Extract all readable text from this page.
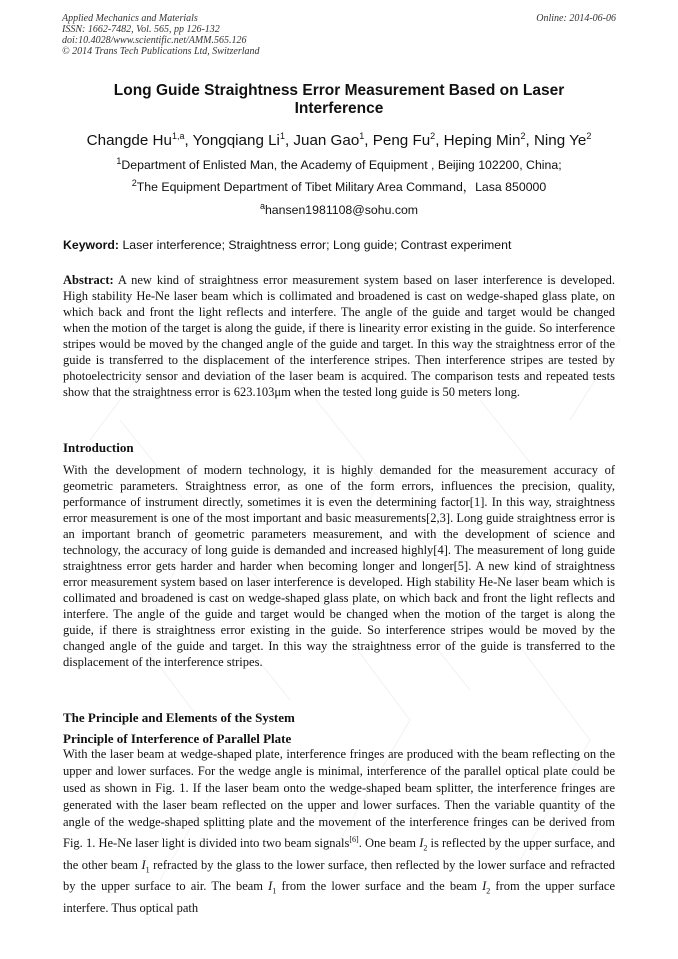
Applied Mechanics and Materials
ISSN: 1662-7482, Vol. 565, pp 126-132
doi:10.4028/www.scientific.net/AMM.565.126
© 2014 Trans Tech Publications Ltd, Switzerland
Online: 2014-06-06
Long Guide Straightness Error Measurement Based on Laser Interference
Changde Hu$^{1,a}$, Yongqiang Li$^1$, Juan Gao$^1$, Peng Fu$^2$, Heping Min$^2$, Ning Ye$^2$
$^1$Department of Enlisted Man, the Academy of Equipment , Beijing 102200, China;
$^2$The Equipment Department of Tibet Military Area Command，Lasa 850000
$^a$hansen1981108@sohu.com
Keyword: Laser interference; Straightness error; Long guide; Contrast experiment
Abstract: A new kind of straightness error measurement system based on laser interference is developed. High stability He-Ne laser beam which is collimated and broadened is cast on wedge-shaped glass plate, on which back and front the light reflects and interfere. The angle of the guide and target would be changed when the motion of the target is along the guide, if there is linearity error existing in the guide. So interference stripes would be moved by the changed angle of the guide and target. In this way the straightness error of the guide is transferred to the displacement of the interference stripes. Then interference stripes are tested by photoelectricity sensor and deviation of the laser beam is acquired. The comparison tests and repeated tests show that the straightness error is 623.103μm when the tested long guide is 50 meters long.
Introduction
With the development of modern technology, it is highly demanded for the measurement accuracy of geometric parameters. Straightness error, as one of the form errors, influences the precision, quality, performance of instrument directly, sometimes it is even the determining factor[1]. In this way, straightness error measurement is one of the most important and basic measurements[2,3]. Long guide straightness error is an important branch of geometric parameters measurement, and with the development of science and technology, the accuracy of long guide is demanded and increased highly[4]. The measurement of long guide straightness error gets harder and harder when becoming longer and longer[5]. A new kind of straightness error measurement system based on laser interference is developed. High stability He-Ne laser beam which is collimated and broadened is cast on wedge-shaped glass plate, on which back and front the light reflects and interfere. The angle of the guide and target would be changed when the motion of the target is along the guide, if there is straightness error existing in the guide. So interference stripes would be moved by the changed angle of the guide and target. In this way the straightness error of the guide is transferred to the displacement of the interference stripes.
The Principle and Elements of the System
Principle of Interference of Parallel Plate
With the laser beam at wedge-shaped plate, interference fringes are produced with the beam reflecting on the upper and lower surfaces. For the wedge angle is minimal, interference of the parallel optical plate could be used as shown in Fig. 1. If the laser beam onto the wedge-shaped beam splitter, the interference fringes are generated with the laser beam reflected on the upper and lower surfaces. Then the variable quantity of the angle of the wedge-shaped splitting plate and the movement of the interference fringes can be derived from Fig. 1. He-Ne laser light is divided into two beam signals[6]. One beam $I_2$ is reflected by the upper surface, and the other beam $I_1$ refracted by the glass to the lower surface, then reflected by the lower surface and refracted by the upper surface to air. The beam $I_1$ from the lower surface and the beam $I_2$ from the upper surface interfere. Thus optical path
